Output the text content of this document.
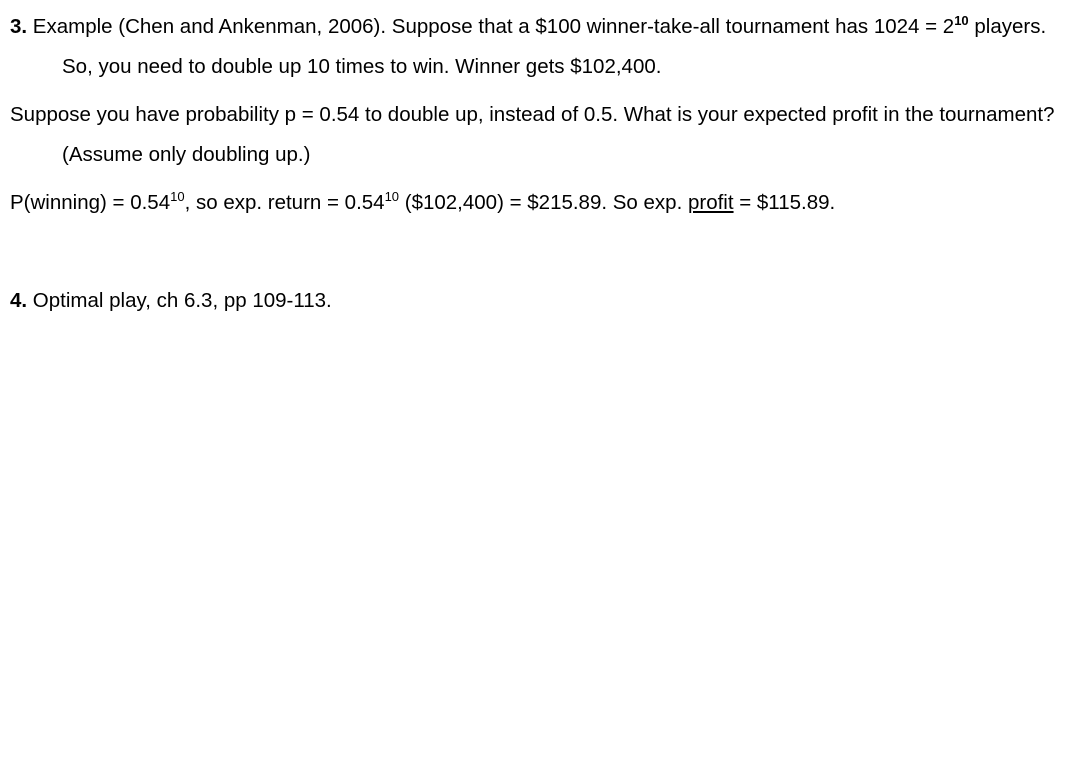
3. Example (Chen and Ankenman, 2006). Suppose that a $100 winner-take-all tournament has $1024 = 2^{10}$ players. So, you need to double up 10 times to win. Winner gets $102,400.
Suppose you have probability p = 0.54 to double up, instead of 0.5. What is your expected profit in the tournament? (Assume only doubling up.)
P(winning) = $0.54^{10}$, so exp. return = $0.54^{10}$ ($102,400) = $215.89. So exp. profit = $115.89.
4. Optimal play, ch 6.3, pp 109-113.
